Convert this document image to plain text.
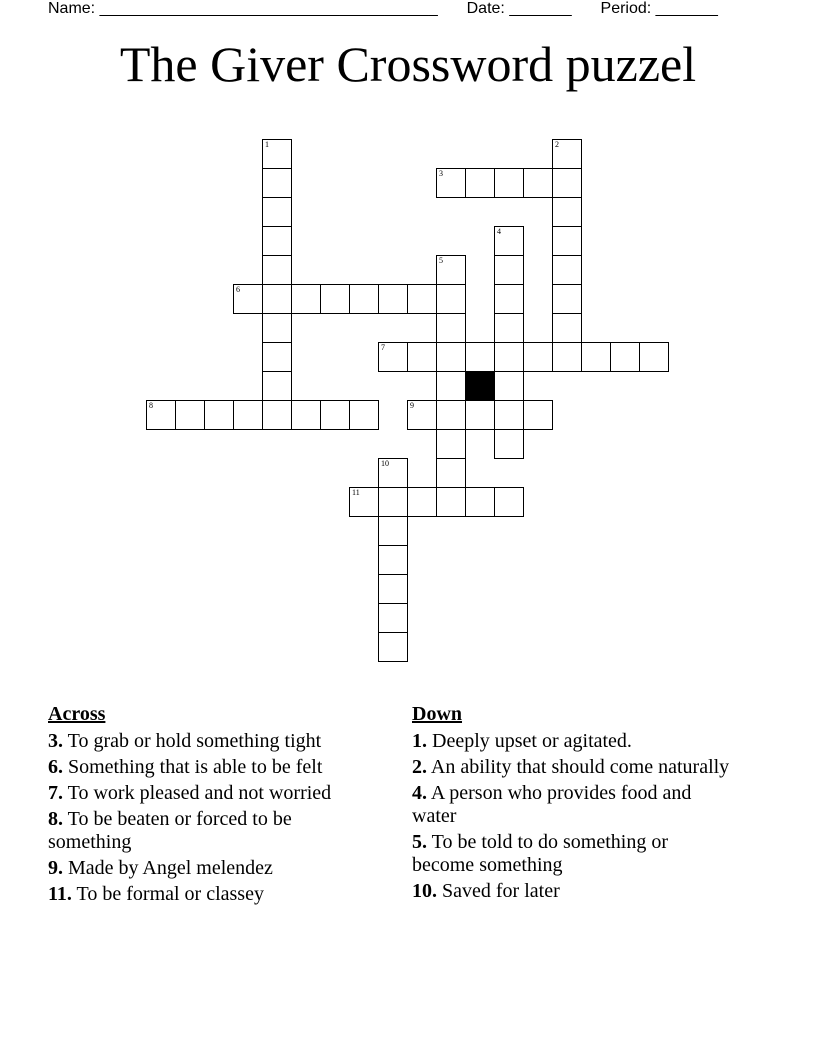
Name: ______________________________________ Date: _______ Period: _______
The Giver Crossword puzzel
3
6
7
8	9
11
1	2
4
5
10
Across
3. To grab or hold something tight
6. Something that is able to be felt
7. To work pleased and not worried
8. To be beaten or forced to be something
9. Made by Angel melendez
11. To be formal or classey
Down
1. Deeply upset or agitated.
2. An ability that should come naturally
4. A person who provides food and water
5. To be told to do something or become something
10. Saved for later
